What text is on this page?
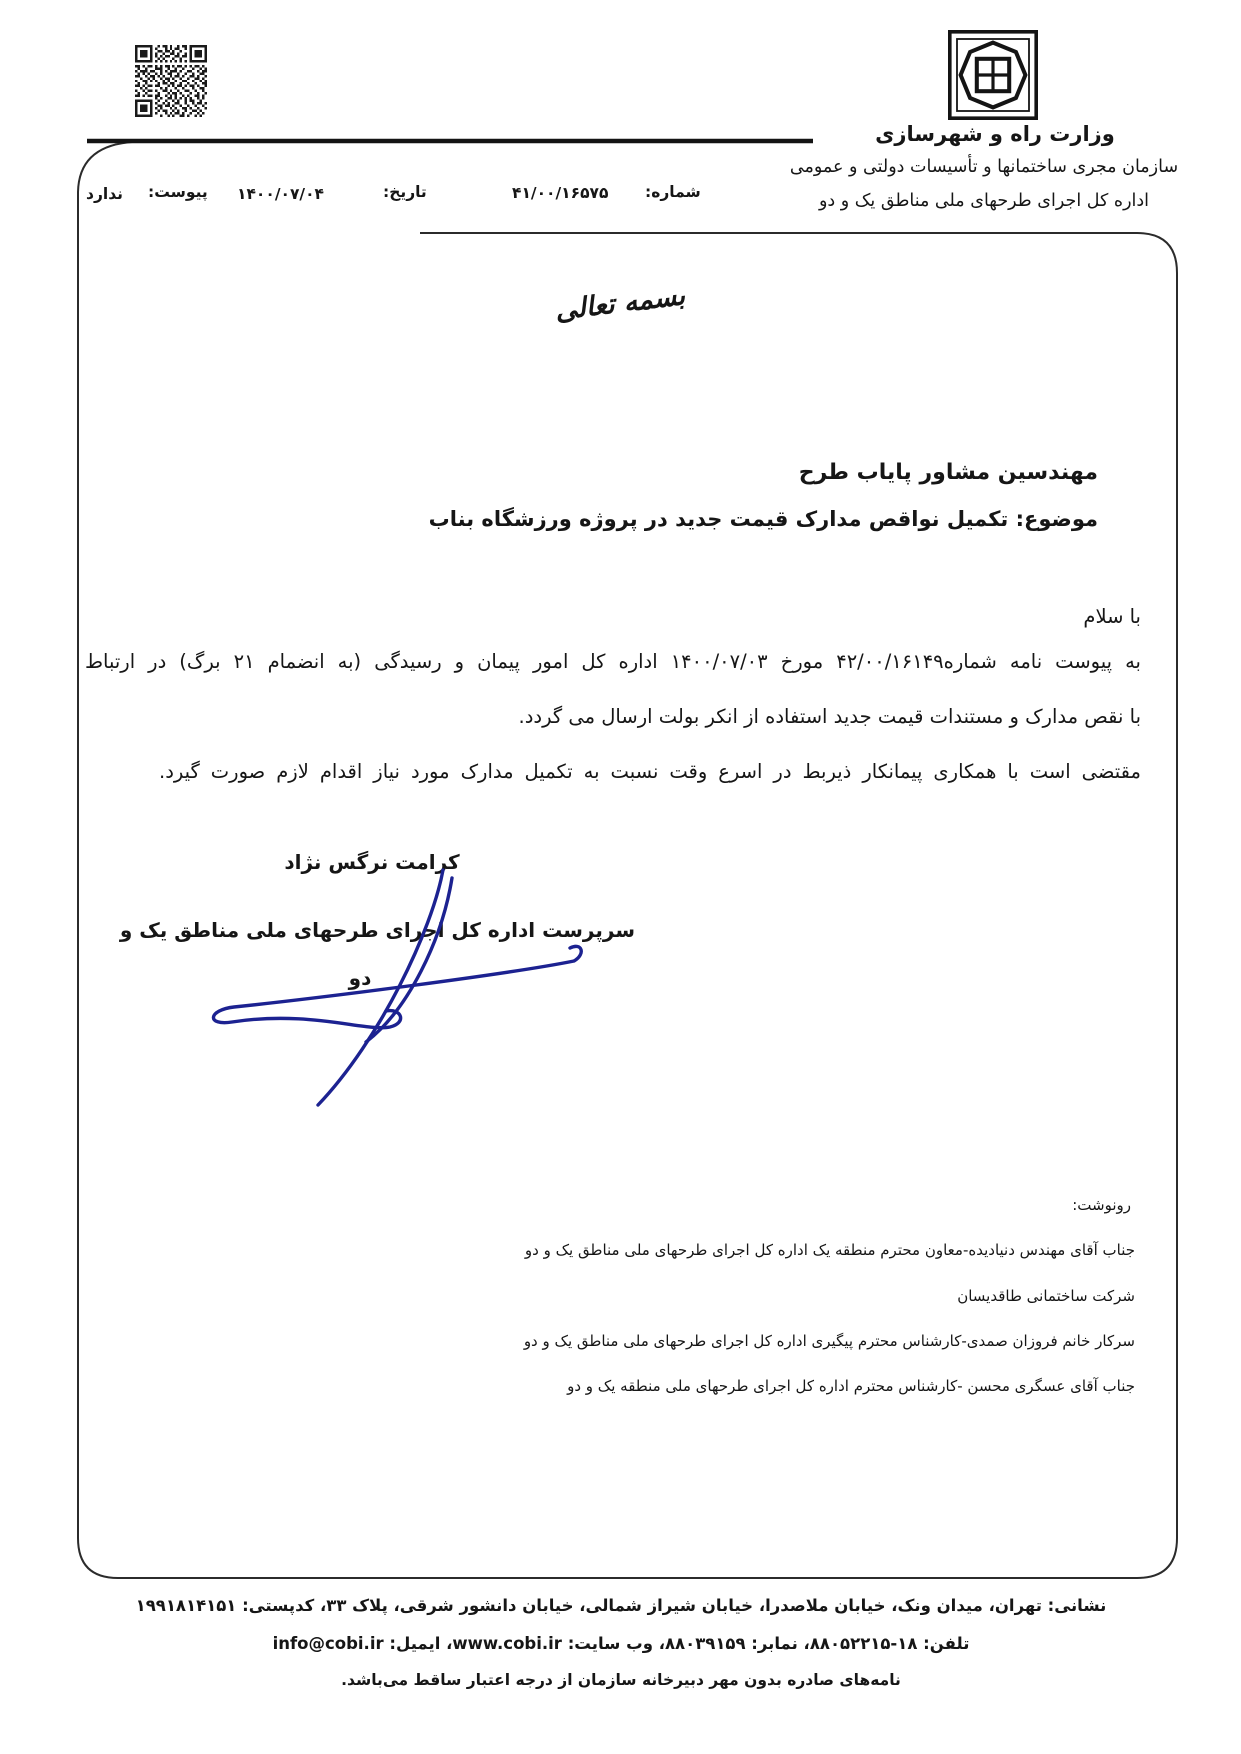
وزارت راه و شهرسازی
سازمان مجری ساختمانها و تأسیسات دولتی و عمومی
اداره کل اجرای طرحهای ملی مناطق یک و دو
شماره:
۴۱/۰۰/۱۶۵۷۵
تاریخ:
۱۴۰۰/۰۷/۰۴
پیوست:
ندارد
بسمه تعالی
مهندسین مشاور پایاب طرح
موضوع: تکمیل نواقص مدارک قیمت جدید در پروژه ورزشگاه بناب
با سلام
به پیوست نامه شماره۴۲/۰۰/۱۶۱۴۹ مورخ ۱۴۰۰/۰۷/۰۳ اداره کل امور پیمان و رسیدگی (به انضمام ۲۱ برگ) در ارتباط
با نقص مدارک و مستندات قیمت جدید استفاده از انکر بولت ارسال می گردد.
مقتضی است با همکاری پیمانکار ذیربط در اسرع وقت نسبت به تکمیل مدارک مورد نیاز اقدام لازم صورت گیرد.
کرامت نرگس نژاد
سرپرست اداره کل اجرای طرحهای ملی مناطق یک و
دو
رونوشت:
جناب آقای مهندس دنیادیده-معاون محترم منطقه یک اداره کل اجرای طرحهای ملی مناطق یک و دو
شرکت ساختمانی طاقدیسان
سرکار خانم فروزان صمدی-کارشناس محترم پیگیری اداره کل اجرای طرحهای ملی مناطق یک و دو
جناب آقای عسگری محسن -کارشناس محترم اداره کل اجرای طرحهای ملی منطقه یک و دو
نشانی: تهران، میدان ونک، خیابان ملاصدرا، خیابان شیراز شمالی، خیابان دانشور شرقی، پلاک ۳۳، کدپستی: ۱۹۹۱۸۱۴۱۵۱
تلفن: ۱۸-۸۸۰۵۲۲۱۵، نمابر: ۸۸۰۳۹۱۵۹، وب سایت: www.cobi.ir، ایمیل: info@cobi.ir
نامه‌های صادره بدون مهر دبیرخانه سازمان از درجه اعتبار ساقط می‌باشد.
